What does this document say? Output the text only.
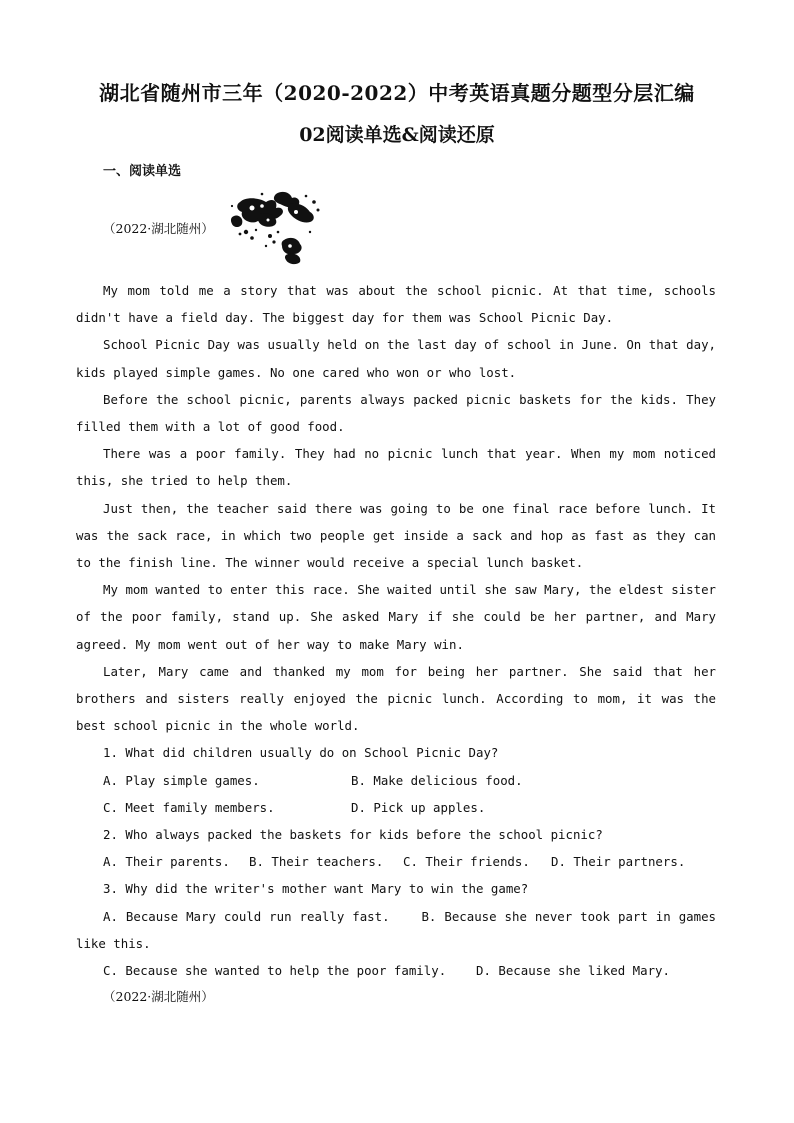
湖北省随州市三年（2020-2022）中考英语真题分题型分层汇编
02阅读单选&阅读还原
一、阅读单选
（2022·湖北随州）

My mom told me a story that was about the school picnic. At that time, schools didn't have a field day. The biggest day for them was School Picnic Day.

School Picnic Day was usually held on the last day of school in June. On that day, kids played simple games. No one cared who won or who lost.

Before the school picnic, parents always packed picnic baskets for the kids. They filled them with a lot of good food.

There was a poor family. They had no picnic lunch that year. When my mom noticed this, she tried to help them.

Just then, the teacher said there was going to be one final race before lunch. It was the sack race, in which two people get inside a sack and hop as fast as they can to the finish line. The winner would receive a special lunch basket.

My mom wanted to enter this race. She waited until she saw Mary, the eldest sister of the poor family, stand up. She asked Mary if she could be her partner, and Mary agreed. My mom went out of her way to make Mary win.

Later, Mary came and thanked my mom for being her partner. She said that her brothers and sisters really enjoyed the picnic lunch. According to mom, it was the best school picnic in the whole world.

1. What did children usually do on School Picnic Day?
A. Play simple games.	B. Make delicious food.
C. Meet family members.	D. Pick up apples.
2. Who always packed the baskets for kids before the school picnic?
A. Their parents.	B. Their teachers.	C. Their friends.	D. Their partners.
3. Why did the writer's mother want Mary to win the game?

A. Because Mary could run really fast.	B. Because she never took part in games like this.

C. Because she wanted to help the poor family. D. Because she liked Mary.
（2022·湖北随州）
